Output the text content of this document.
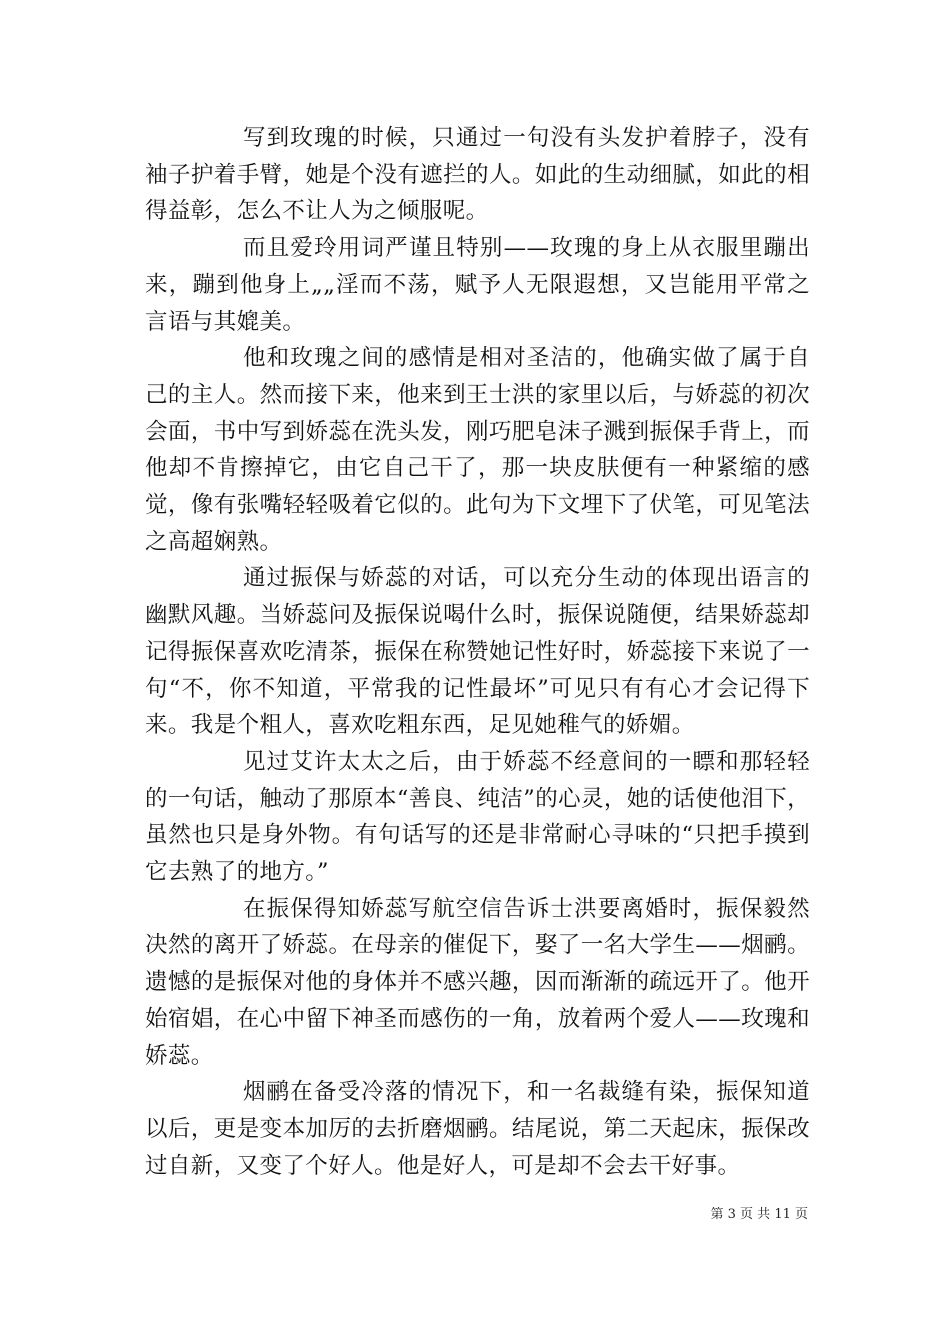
写到玫瑰的时候，只通过一句没有头发护着脖子，没有袖子护着手臂，她是个没有遮拦的人。如此的生动细腻，如此的相得益彰，怎么不让人为之倾服呢。

而且爱玲用词严谨且特别——玫瑰的身上从衣服里蹦出来，蹦到他身上„„淫而不荡，赋予人无限遐想，又岂能用平常之言语与其媲美。

他和玫瑰之间的感情是相对圣洁的，他确实做了属于自己的主人。然而接下来，他来到王士洪的家里以后，与娇蕊的初次会面，书中写到娇蕊在洗头发，刚巧肥皂沫子溅到振保手背上，而他却不肯擦掉它，由它自己干了，那一块皮肤便有一种紧缩的感觉，像有张嘴轻轻吸着它似的。此句为下文埋下了伏笔，可见笔法之高超娴熟。

通过振保与娇蕊的对话，可以充分生动的体现出语言的幽默风趣。当娇蕊问及振保说喝什么时，振保说随便，结果娇蕊却记得振保喜欢吃清茶，振保在称赞她记性好时，娇蕊接下来说了一句“不，你不知道，平常我的记性最坏”可见只有有心才会记得下来。我是个粗人，喜欢吃粗东西，足见她稚气的娇媚。

见过艾许太太之后，由于娇蕊不经意间的一瞟和那轻轻的一句话，触动了那原本“善良、纯洁”的心灵，她的话使他泪下，虽然也只是身外物。有句话写的还是非常耐心寻味的“只把手摸到它去熟了的地方。”

在振保得知娇蕊写航空信告诉士洪要离婚时，振保毅然决然的离开了娇蕊。在母亲的催促下，娶了一名大学生——烟鹂。遗憾的是振保对他的身体并不感兴趣，因而渐渐的疏远开了。他开始宿娼，在心中留下神圣而感伤的一角，放着两个爱人——玫瑰和娇蕊。

烟鹂在备受冷落的情况下，和一名裁缝有染，振保知道以后，更是变本加厉的去折磨烟鹂。结尾说，第二天起床，振保改过自新，又变了个好人。他是好人，可是却不会去干好事。

第 3 页 共 11 页
